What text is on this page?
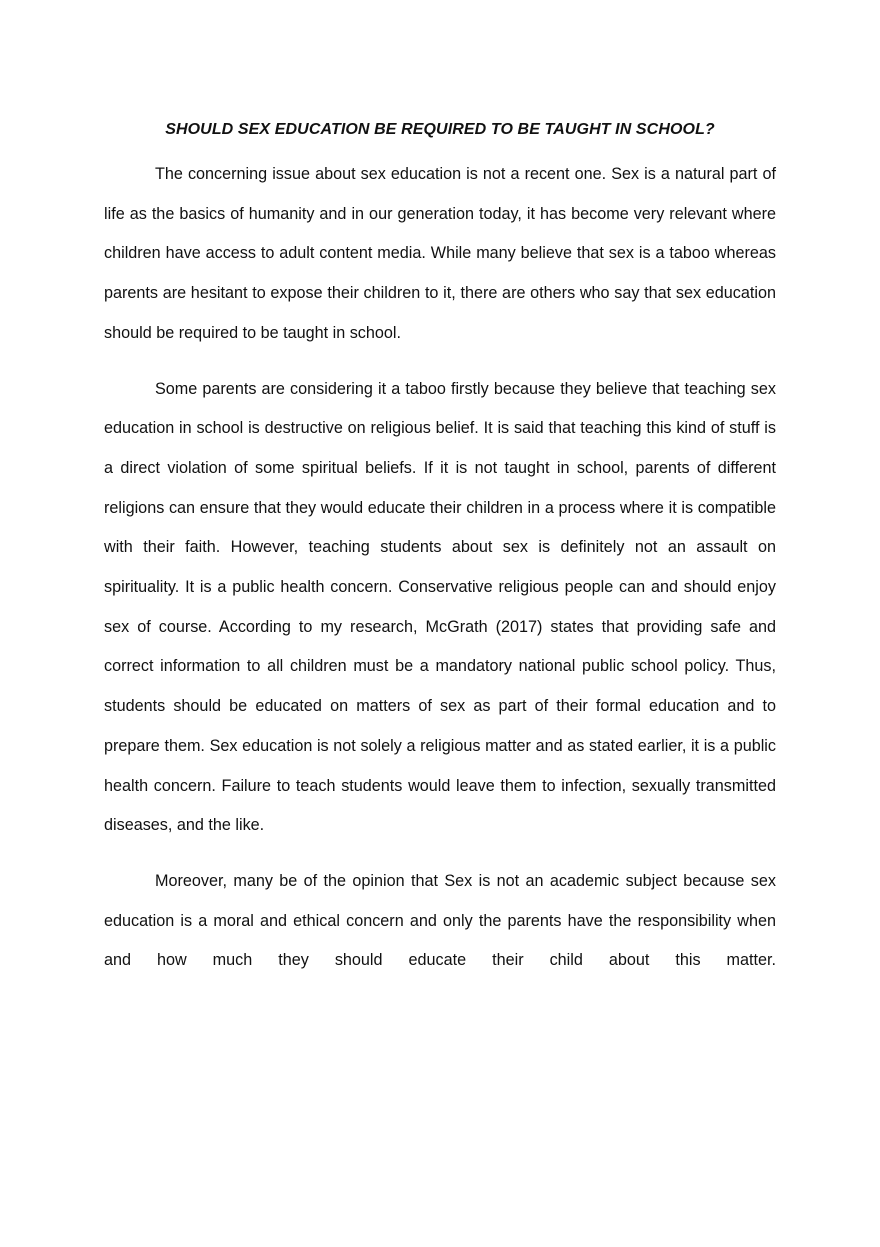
SHOULD SEX EDUCATION BE REQUIRED TO BE TAUGHT IN SCHOOL?

The concerning issue about sex education is not a recent one. Sex is a natural part of life as the basics of humanity and in our generation today, it has become very relevant where children have access to adult content media. While many believe that sex is a taboo whereas parents are hesitant to expose their children to it, there are others who say that sex education should be required to be taught in school.

Some parents are considering it a taboo firstly because they believe that teaching sex education in school is destructive on religious belief. It is said that teaching this kind of stuff is a direct violation of some spiritual beliefs. If it is not taught in school, parents of different religions can ensure that they would educate their children in a process where it is compatible with their faith. However, teaching students about sex is definitely not an assault on spirituality. It is a public health concern. Conservative religious people can and should enjoy sex of course. According to my research, McGrath (2017) states that providing safe and correct information to all children must be a mandatory national public school policy. Thus, students should be educated on matters of sex as part of their formal education and to prepare them. Sex education is not solely a religious matter and as stated earlier, it is a public health concern. Failure to teach students would leave them to infection, sexually transmitted diseases, and the like.

Moreover, many be of the opinion that Sex is not an academic subject because sex education is a moral and ethical concern and only the parents have the responsibility when and how much they should educate their child about this matter.
